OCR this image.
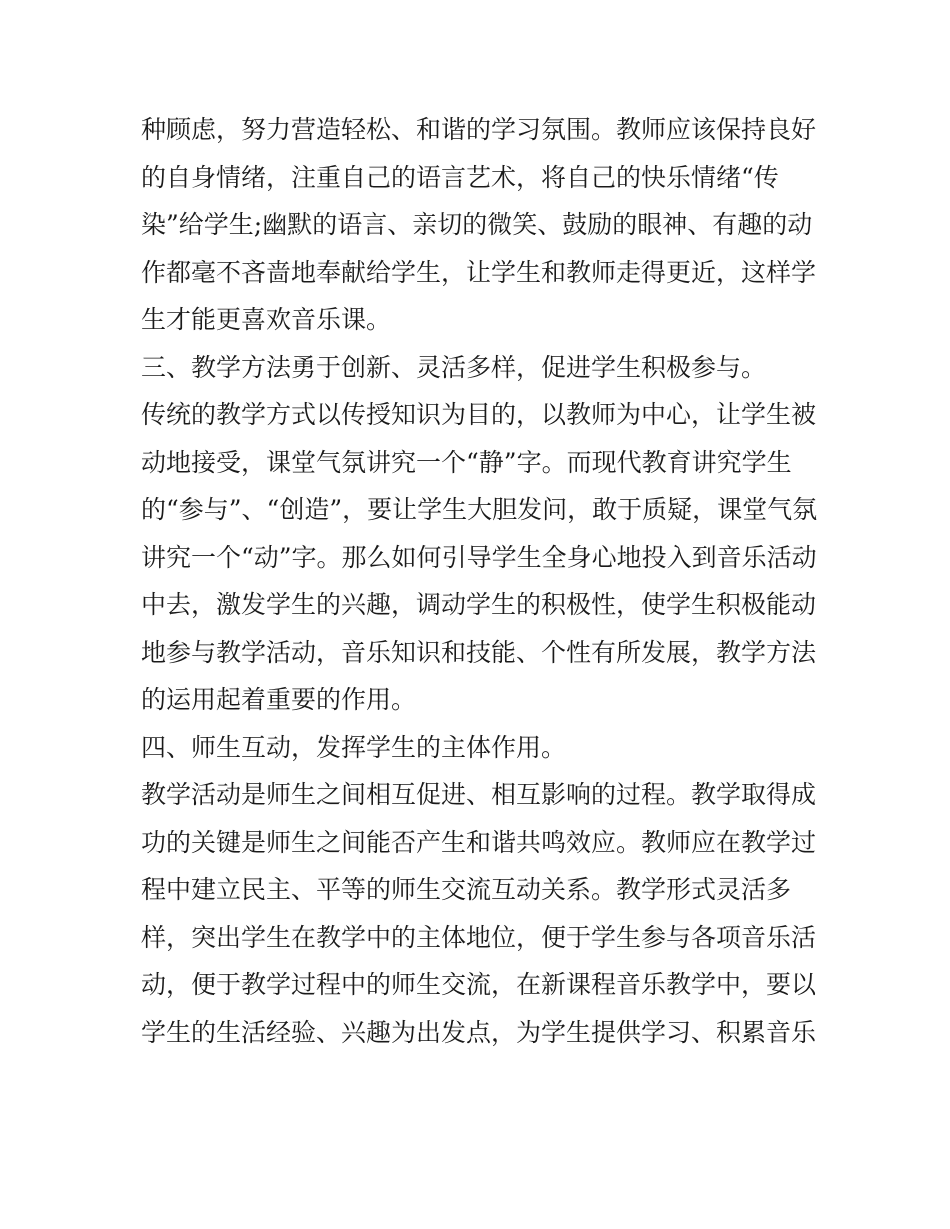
种顾虑，努力营造轻松、和谐的学习氛围。教师应该保持良好
的自身情绪，注重自己的语言艺术，将自己的快乐情绪“传
染”给学生;幽默的语言、亲切的微笑、鼓励的眼神、有趣的动
作都毫不吝啬地奉献给学生，让学生和教师走得更近，这样学
生才能更喜欢音乐课。
三、教学方法勇于创新、灵活多样，促进学生积极参与。
传统的教学方式以传授知识为目的，以教师为中心，让学生被
动地接受，课堂气氛讲究一个“静”字。而现代教育讲究学生
的“参与”、“创造”，要让学生大胆发问，敢于质疑，课堂气氛
讲究一个“动”字。那么如何引导学生全身心地投入到音乐活动
中去，激发学生的兴趣，调动学生的积极性，使学生积极能动
地参与教学活动，音乐知识和技能、个性有所发展，教学方法
的运用起着重要的作用。
四、师生互动，发挥学生的主体作用。
教学活动是师生之间相互促进、相互影响的过程。教学取得成
功的关键是师生之间能否产生和谐共鸣效应。教师应在教学过
程中建立民主、平等的师生交流互动关系。教学形式灵活多
样，突出学生在教学中的主体地位，便于学生参与各项音乐活
动，便于教学过程中的师生交流，在新课程音乐教学中，要以
学生的生活经验、兴趣为出发点，为学生提供学习、积累音乐
